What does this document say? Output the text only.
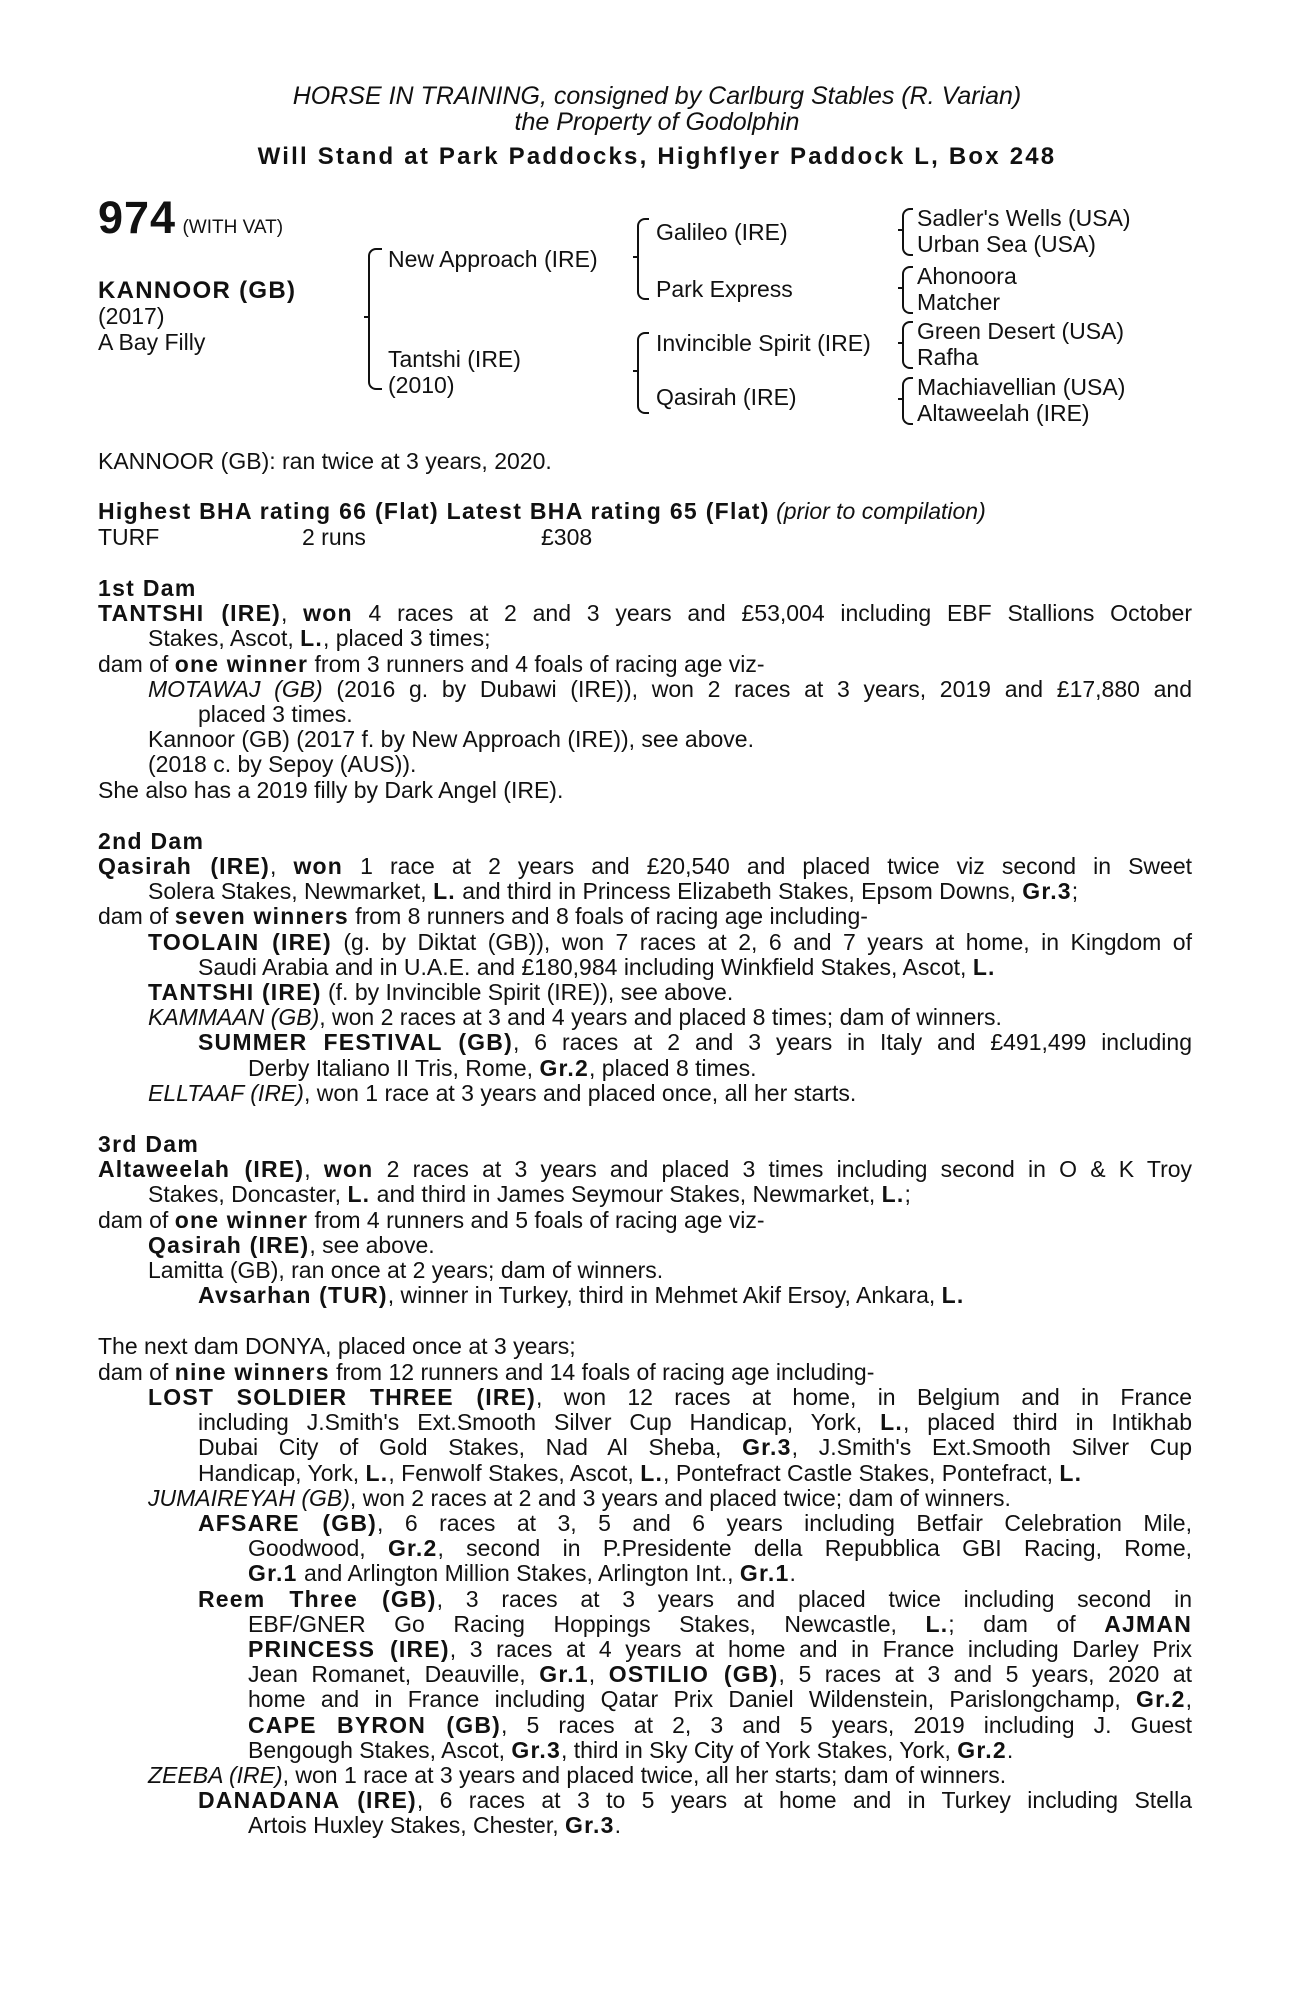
HORSE IN TRAINING, consigned by Carlburg Stables (R. Varian)
the Property of Godolphin
Will Stand at Park Paddocks, Highflyer Paddock L, Box 248
974 (WITH VAT)
KANNOOR (GB)
(2017)
A Bay Filly
New Approach (IRE)
Tantshi (IRE)
(2010)
Galileo (IRE)
Park Express
Invincible Spirit (IRE)
Qasirah (IRE)
Sadler's Wells (USA)
Urban Sea (USA)
Ahonoora
Matcher
Green Desert (USA)
Rafha
Machiavellian (USA)
Altaweelah (IRE)
KANNOOR (GB): ran twice at 3 years, 2020.
Highest BHA rating 66 (Flat) Latest BHA rating 65 (Flat) (prior to compilation)
TURF	2 runs	£308
1st Dam
TANTSHI (IRE), won 4 races at 2 and 3 years and £53,004 including EBF Stallions October
Stakes, Ascot, L., placed 3 times;
dam of one winner from 3 runners and 4 foals of racing age viz-
MOTAWAJ (GB) (2016 g. by Dubawi (IRE)), won 2 races at 3 years, 2019 and £17,880 and
placed 3 times.
Kannoor (GB) (2017 f. by New Approach (IRE)), see above.
(2018 c. by Sepoy (AUS)).
She also has a 2019 filly by Dark Angel (IRE).
2nd Dam
Qasirah (IRE), won 1 race at 2 years and £20,540 and placed twice viz second in Sweet
Solera Stakes, Newmarket, L. and third in Princess Elizabeth Stakes, Epsom Downs, Gr.3;
dam of seven winners from 8 runners and 8 foals of racing age including-
TOOLAIN (IRE) (g. by Diktat (GB)), won 7 races at 2, 6 and 7 years at home, in Kingdom of
Saudi Arabia and in U.A.E. and £180,984 including Winkfield Stakes, Ascot, L.
TANTSHI (IRE) (f. by Invincible Spirit (IRE)), see above.
KAMMAAN (GB), won 2 races at 3 and 4 years and placed 8 times; dam of winners.
SUMMER FESTIVAL (GB), 6 races at 2 and 3 years in Italy and £491,499 including
Derby Italiano II Tris, Rome, Gr.2, placed 8 times.
ELLTAAF (IRE), won 1 race at 3 years and placed once, all her starts.
3rd Dam
Altaweelah (IRE), won 2 races at 3 years and placed 3 times including second in O & K Troy
Stakes, Doncaster, L. and third in James Seymour Stakes, Newmarket, L.;
dam of one winner from 4 runners and 5 foals of racing age viz-
Qasirah (IRE), see above.
Lamitta (GB), ran once at 2 years; dam of winners.
Avsarhan (TUR), winner in Turkey, third in Mehmet Akif Ersoy, Ankara, L.
The next dam DONYA, placed once at 3 years;
dam of nine winners from 12 runners and 14 foals of racing age including-
LOST SOLDIER THREE (IRE), won 12 races at home, in Belgium and in France
including J.Smith's Ext.Smooth Silver Cup Handicap, York, L., placed third in Intikhab
Dubai City of Gold Stakes, Nad Al Sheba, Gr.3, J.Smith's Ext.Smooth Silver Cup
Handicap, York, L., Fenwolf Stakes, Ascot, L., Pontefract Castle Stakes, Pontefract, L.
JUMAIREYAH (GB), won 2 races at 2 and 3 years and placed twice; dam of winners.
AFSARE (GB), 6 races at 3, 5 and 6 years including Betfair Celebration Mile,
Goodwood, Gr.2, second in P.Presidente della Repubblica GBI Racing, Rome,
Gr.1 and Arlington Million Stakes, Arlington Int., Gr.1.
Reem Three (GB), 3 races at 3 years and placed twice including second in
EBF/GNER Go Racing Hoppings Stakes, Newcastle, L.; dam of AJMAN
PRINCESS (IRE), 3 races at 4 years at home and in France including Darley Prix
Jean Romanet, Deauville, Gr.1, OSTILIO (GB), 5 races at 3 and 5 years, 2020 at
home and in France including Qatar Prix Daniel Wildenstein, Parislongchamp, Gr.2,
CAPE BYRON (GB), 5 races at 2, 3 and 5 years, 2019 including J. Guest
Bengough Stakes, Ascot, Gr.3, third in Sky City of York Stakes, York, Gr.2.
ZEEBA (IRE), won 1 race at 3 years and placed twice, all her starts; dam of winners.
DANADANA (IRE), 6 races at 3 to 5 years at home and in Turkey including Stella
Artois Huxley Stakes, Chester, Gr.3.
